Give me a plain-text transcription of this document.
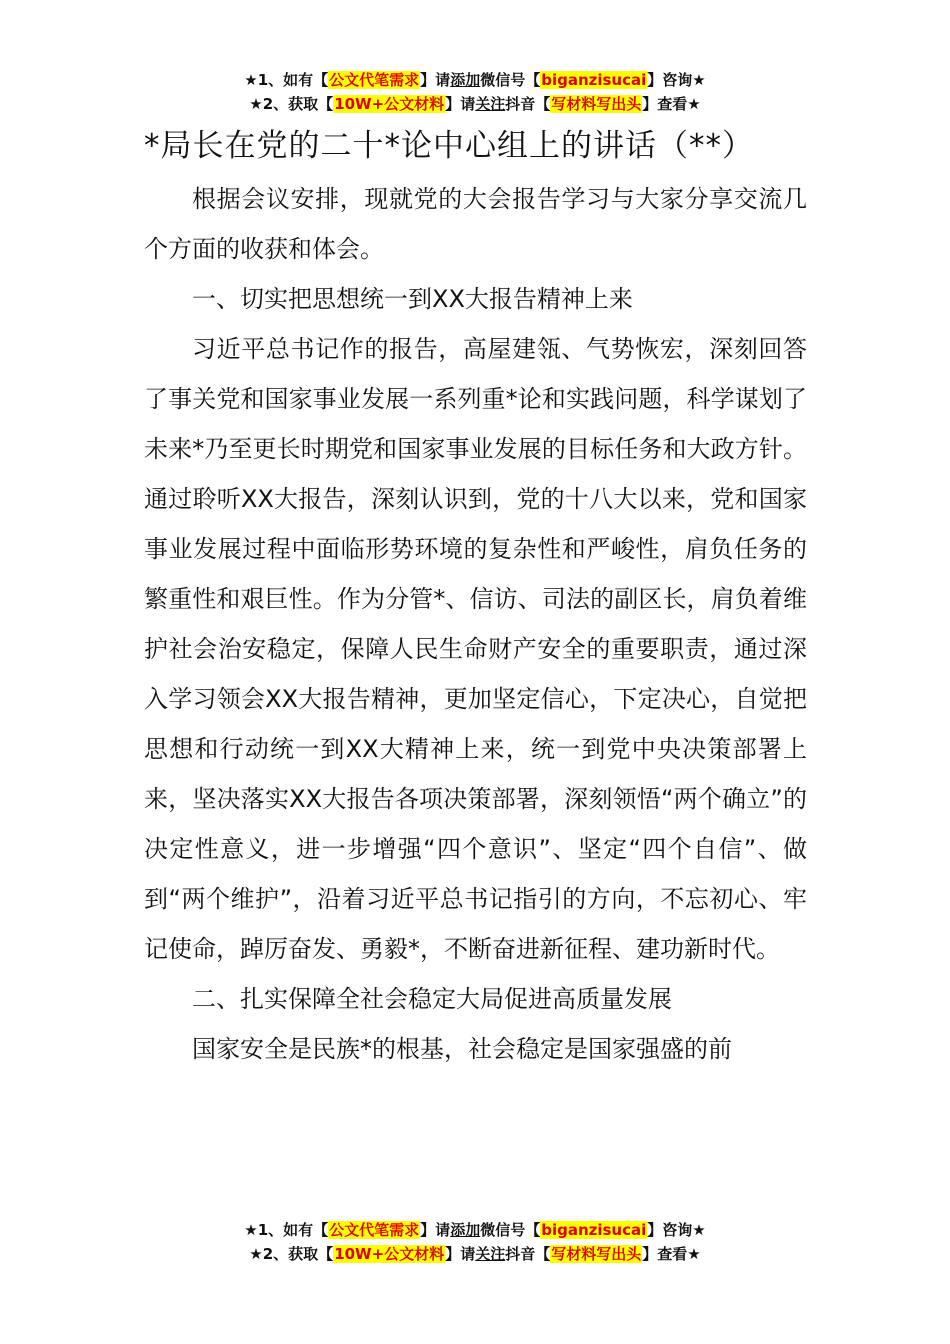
★1、如有【公文代笔需求】请添加微信号【biganzisucai】咨询★
★2、获取【10W+公文材料】请关注抖音【写材料写出头】查看★
*局长在党的二十*论中心组上的讲话（**）

根据会议安排，现就党的大会报告学习与大家分享交流几个方面的收获和体会。

一、切实把思想统一到XX大报告精神上来

习近平总书记作的报告，高屋建瓴、气势恢宏，深刻回答了事关党和国家事业发展一系列重*论和实践问题，科学谋划了未来*乃至更长时期党和国家事业发展的目标任务和大政方针。通过聆听XX大报告，深刻认识到，党的十八大以来，党和国家事业发展过程中面临形势环境的复杂性和严峻性，肩负任务的繁重性和艰巨性。作为分管*、信访、司法的副区长，肩负着维护社会治安稳定，保障人民生命财产安全的重要职责，通过深入学习领会XX大报告精神，更加坚定信心，下定决心，自觉把思想和行动统一到XX大精神上来，统一到党中央决策部署上来，坚决落实XX大报告各项决策部署，深刻领悟“两个确立”的决定性意义，进一步增强“四个意识”、坚定“四个自信”、做到“两个维护”，沿着习近平总书记指引的方向，不忘初心、牢记使命，踔厉奋发、勇毅*，不断奋进新征程、建功新时代。

二、扎实保障全社会稳定大局促进高质量发展

国家安全是民族*的根基，社会稳定是国家强盛的前

★1、如有【公文代笔需求】请添加微信号【biganzisucai】咨询★
★2、获取【10W+公文材料】请关注抖音【写材料写出头】查看★
